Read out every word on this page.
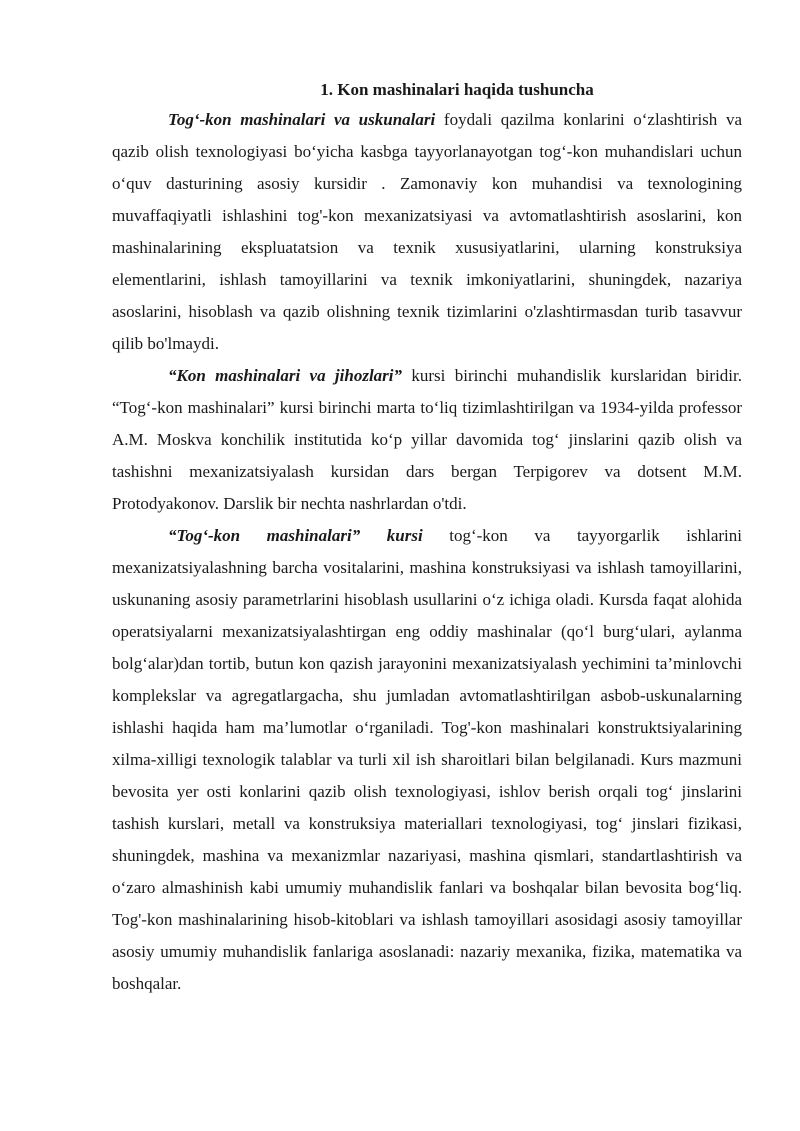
1. Kon mashinalari haqida tushuncha

Tog‘-kon mashinalari va uskunalari foydali qazilma konlarini o‘zlashtirish va qazib olish texnologiyasi bo‘yicha kasbga tayyorlanayotgan tog‘-kon muhandislari uchun o‘quv dasturining asosiy kursidir . Zamonaviy kon muhandisi va texnologining muvaffaqiyatli ishlashini tog'-kon mexanizatsiyasi va avtomatlashtirish asoslarini, kon mashinalarining ekspluatatsion va texnik xususiyatlarini, ularning konstruksiya elementlarini, ishlash tamoyillarini va texnik imkoniyatlarini, shuningdek, nazariya asoslarini, hisoblash va qazib olishning texnik tizimlarini o'zlashtirmasdan turib tasavvur qilib bo'lmaydi.

“Kon mashinalari va jihozlari” kursi birinchi muhandislik kurslaridan biridir. “Tog‘-kon mashinalari” kursi birinchi marta to‘liq tizimlashtirilgan va 1934-yilda professor A.M. Moskva konchilik institutida ko‘p yillar davomida tog‘ jinslarini qazib olish va tashishni mexanizatsiyalash kursidan dars bergan Terpigorev va dotsent M.M. Protodyakonov. Darslik bir nechta nashrlardan o'tdi.

“Tog‘-kon mashinalari” kursi tog‘-kon va tayyorgarlik ishlarini mexanizatsiyalashning barcha vositalarini, mashina konstruksiyasi va ishlash tamoyillarini, uskunaning asosiy parametrlarini hisoblash usullarini o‘z ichiga oladi. Kursda faqat alohida operatsiyalarni mexanizatsiyalashtirgan eng oddiy mashinalar (qo‘l burg‘ulari, aylanma bolg‘alar)dan tortib, butun kon qazish jarayonini mexanizatsiyalash yechimini ta’minlovchi komplekslar va agregatlargacha, shu jumladan avtomatlashtirilgan asbob-uskunalarning ishlashi haqida ham ma’lumotlar o‘rganiladi. Tog'-kon mashinalari konstruktsiyalarining xilma-xilligi texnologik talablar va turli xil ish sharoitlari bilan belgilanadi. Kurs mazmuni bevosita yer osti konlarini qazib olish texnologiyasi, ishlov berish orqali tog‘ jinslarini tashish kurslari, metall va konstruksiya materiallari texnologiyasi, tog‘ jinslari fizikasi, shuningdek, mashina va mexanizmlar nazariyasi, mashina qismlari, standartlashtirish va o‘zaro almashinish kabi umumiy muhandislik fanlari va boshqalar bilan bevosita bog‘liq. Tog'-kon mashinalarining hisob-kitoblari va ishlash tamoyillari asosidagi asosiy tamoyillar asosiy umumiy muhandislik fanlariga asoslanadi: nazariy mexanika, fizika, matematika va boshqalar.
